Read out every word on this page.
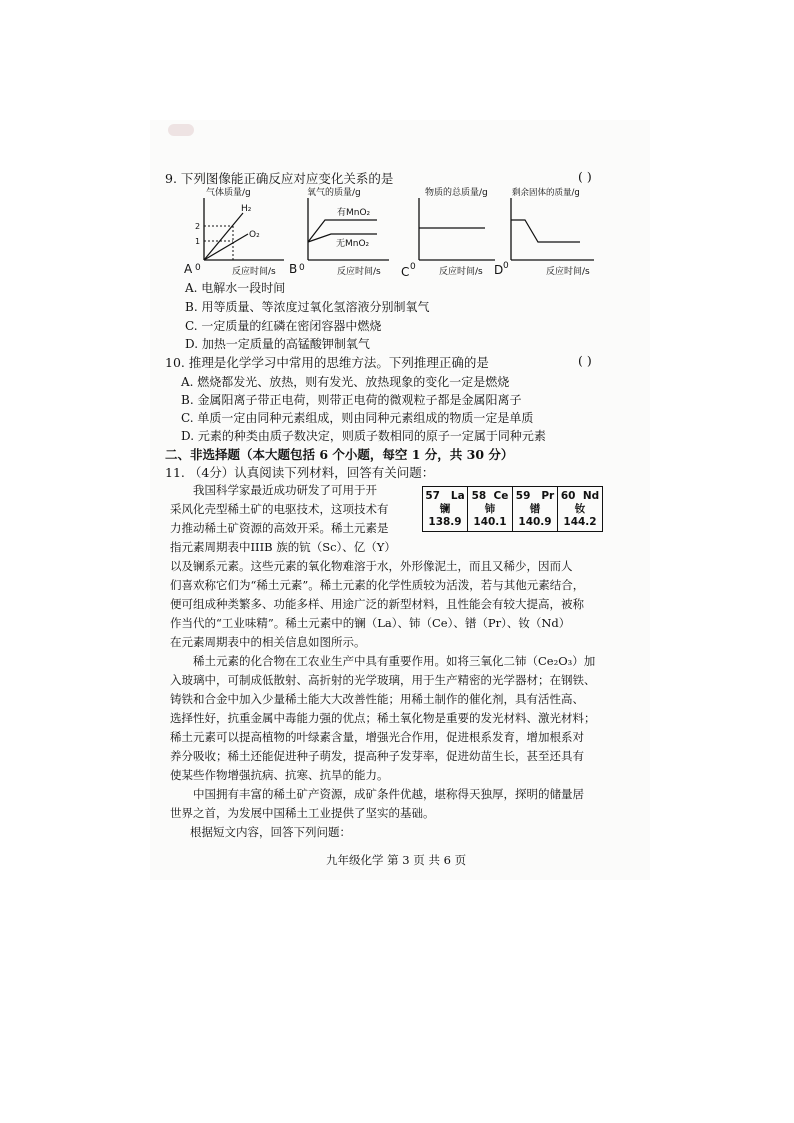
9. 下列图像能正确反应对应变化关系的是	( )
气体质量/g
A 0	反应时间/s
2
1
H₂
O₂
氧气的质量/g
B 0	反应时间/s
有MnO₂
无MnO₂
物质的总质量/g
C 0	反应时间/s
剩余固体的质量/g
D 0
反应时间/s
A. 电解水一段时间
B. 用等质量、等浓度过氧化氢溶液分别制氧气
C. 一定质量的红磷在密闭容器中燃烧
D. 加热一定质量的高锰酸钾制氧气
10. 推理是化学学习中常用的思维方法。下列推理正确的是	( )
A. 燃烧都发光、放热，则有发光、放热现象的变化一定是燃烧
B. 金属阳离子带正电荷，则带正电荷的微观粒子都是金属阳离子
C. 单质一定由同种元素组成，则由同种元素组成的物质一定是单质
D. 元素的种类由质子数决定，则质子数相同的原子一定属于同种元素
二、非选择题（本大题包括 6 个小题，每空 1 分，共 30 分）
11. （4分）认真阅读下列材料，回答有关问题：
我国科学家最近成功研发了可用于开
采风化壳型稀土矿的电驱技术，这项技术有
力推动稀土矿资源的高效开采。稀土元素是
指元素周期表中IIIB 族的钪（Sc）、亿（Y）
以及镧系元素。这些元素的氧化物难溶于水，外形像泥土，而且又稀少，因而人
们喜欢称它们为“稀土元素”。稀土元素的化学性质较为活泼，若与其他元素结合，
便可组成种类繁多、功能多样、用途广泛的新型材料，且性能会有较大提高，被称
作当代的“工业味精”。稀土元素中的镧（La）、铈（Ce）、镨（Pr）、钕（Nd）
在元素周期表中的相关信息如图所示。
57 La
镧
138.9

58 Ce
铈
140.1

59 Pr
镨
140.9

60 Nd
钕
144.2
稀土元素的化合物在工农业生产中具有重要作用。如将三氧化二铈（Ce₂O₃）加
入玻璃中，可制成低散射、高折射的光学玻璃，用于生产精密的光学器材；在钢铁、
铸铁和合金中加入少量稀土能大大改善性能；用稀土制作的催化剂，具有活性高、
选择性好，抗重金属中毒能力强的优点；稀土氧化物是重要的发光材料、激光材料；
稀土元素可以提高植物的叶绿素含量，增强光合作用，促进根系发育，增加根系对
养分吸收；稀土还能促进种子萌发，提高种子发芽率，促进幼苗生长，甚至还具有
使某些作物增强抗病、抗寒、抗旱的能力。
中国拥有丰富的稀土矿产资源，成矿条件优越，堪称得天独厚，探明的储量居
世界之首，为发展中国稀土工业提供了坚实的基础。
根据短文内容，回答下列问题：
九年级化学 第 3 页 共 6 页
